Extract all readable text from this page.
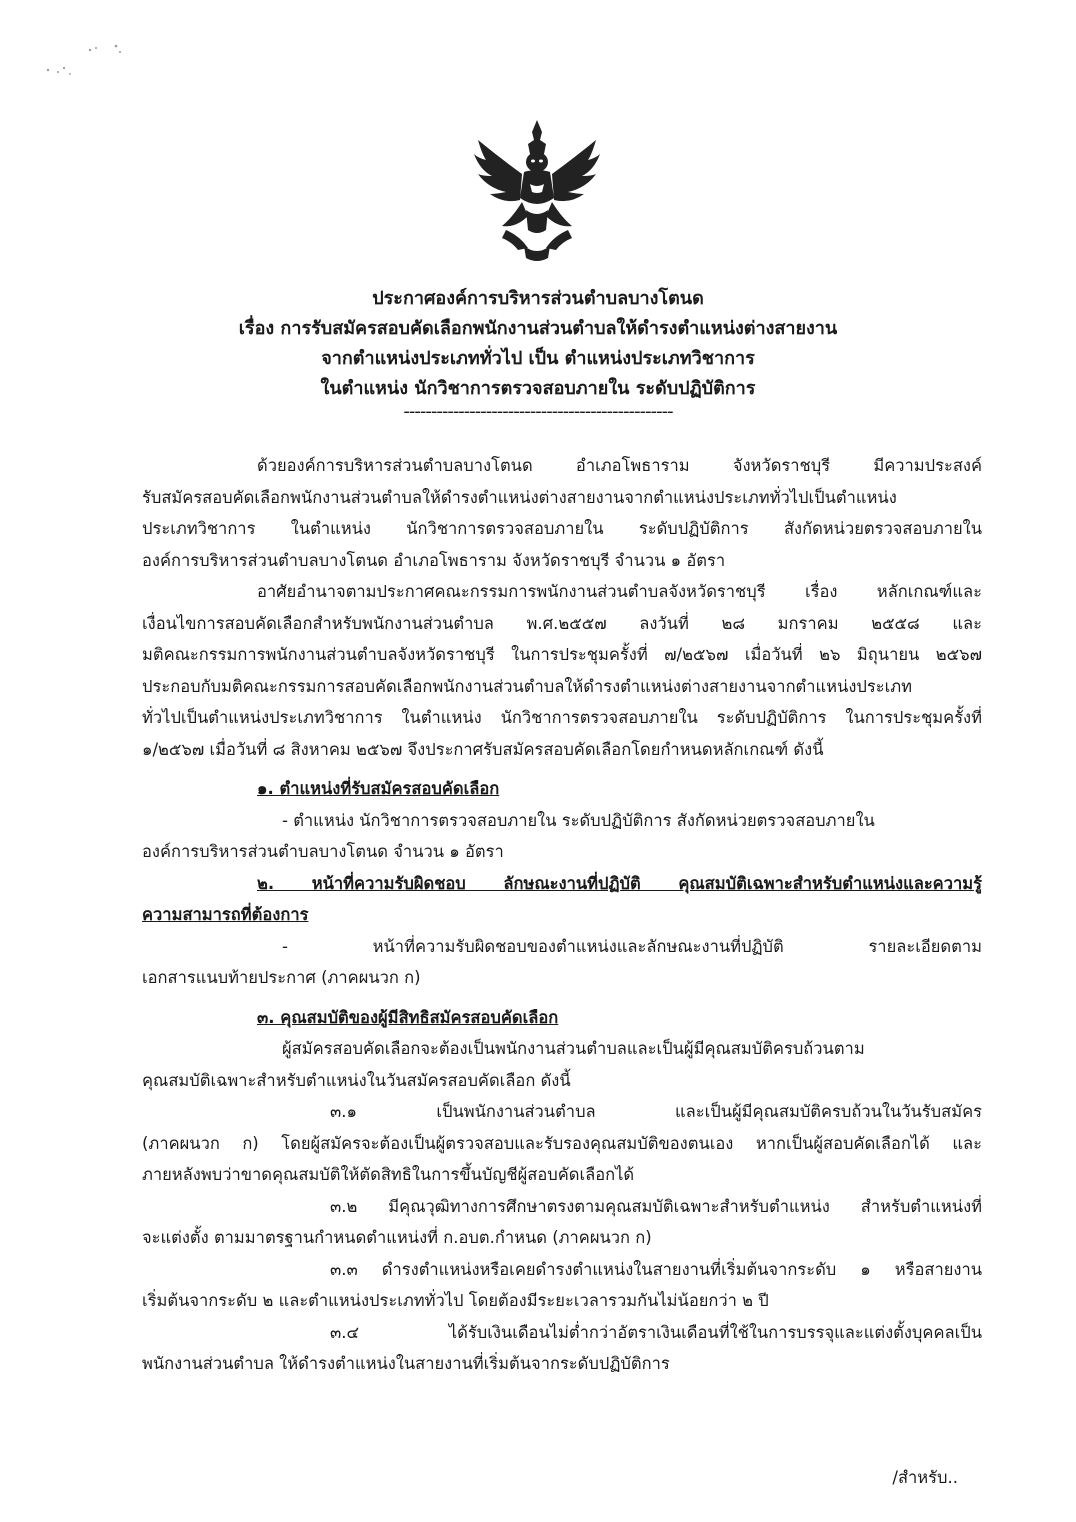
ประกาศองค์การบริหารส่วนตำบลบางโตนด
เรื่อง การรับสมัครสอบคัดเลือกพนักงานส่วนตำบลให้ดำรงตำแหน่งต่างสายงาน
จากตำแหน่งประเภททั่วไป เป็น ตำแหน่งประเภทวิชาการ
ในตำแหน่ง นักวิชาการตรวจสอบภายใน ระดับปฏิบัติการ
-------------------------------------------------
ด้วยองค์การบริหารส่วนตำบลบางโตนด อำเภอโพธาราม จังหวัดราชบุรี มีความประสงค์
รับสมัครสอบคัดเลือกพนักงานส่วนตำบลให้ดำรงตำแหน่งต่างสายงานจากตำแหน่งประเภททั่วไปเป็นตำแหน่ง
ประเภทวิชาการ ในตำแหน่ง นักวิชาการตรวจสอบภายใน ระดับปฏิบัติการ สังกัดหน่วยตรวจสอบภายใน
องค์การบริหารส่วนตำบลบางโตนด อำเภอโพธาราม จังหวัดราชบุรี จำนวน ๑ อัตรา
อาศัยอำนาจตามประกาศคณะกรรมการพนักงานส่วนตำบลจังหวัดราชบุรี เรื่อง หลักเกณฑ์และ
เงื่อนไขการสอบคัดเลือกสำหรับพนักงานส่วนตำบล พ.ศ.๒๕๕๗ ลงวันที่ ๒๘ มกราคม ๒๕๕๘ และ
มติคณะกรรมการพนักงานส่วนตำบลจังหวัดราชบุรี ในการประชุมครั้งที่ ๗/๒๕๖๗ เมื่อวันที่ ๒๖ มิถุนายน ๒๕๖๗
ประกอบกับมติคณะกรรมการสอบคัดเลือกพนักงานส่วนตำบลให้ดำรงตำแหน่งต่างสายงานจากตำแหน่งประเภท
ทั่วไปเป็นตำแหน่งประเภทวิชาการ ในตำแหน่ง นักวิชาการตรวจสอบภายใน ระดับปฏิบัติการ ในการประชุมครั้งที่
๑/๒๕๖๗ เมื่อวันที่ ๘ สิงหาคม ๒๕๖๗ จึงประกาศรับสมัครสอบคัดเลือกโดยกำหนดหลักเกณฑ์ ดังนี้
๑. ตำแหน่งที่รับสมัครสอบคัดเลือก
- ตำแหน่ง นักวิชาการตรวจสอบภายใน ระดับปฏิบัติการ สังกัดหน่วยตรวจสอบภายใน
องค์การบริหารส่วนตำบลบางโตนด จำนวน ๑ อัตรา
๒. หน้าที่ความรับผิดชอบ ลักษณะงานที่ปฏิบัติ คุณสมบัติเฉพาะสำหรับตำแหน่งและความรู้
ความสามารถที่ต้องการ
- หน้าที่ความรับผิดชอบของตำแหน่งและลักษณะงานที่ปฏิบัติ รายละเอียดตาม
เอกสารแนบท้ายประกาศ (ภาคผนวก ก)
๓. คุณสมบัติของผู้มีสิทธิสมัครสอบคัดเลือก
ผู้สมัครสอบคัดเลือกจะต้องเป็นพนักงานส่วนตำบลและเป็นผู้มีคุณสมบัติครบถ้วนตาม
คุณสมบัติเฉพาะสำหรับตำแหน่งในวันสมัครสอบคัดเลือก ดังนี้
๓.๑ เป็นพนักงานส่วนตำบล และเป็นผู้มีคุณสมบัติครบถ้วนในวันรับสมัคร
(ภาคผนวก ก) โดยผู้สมัครจะต้องเป็นผู้ตรวจสอบและรับรองคุณสมบัติของตนเอง หากเป็นผู้สอบคัดเลือกได้ และ
ภายหลังพบว่าขาดคุณสมบัติให้ตัดสิทธิในการขึ้นบัญชีผู้สอบคัดเลือกได้
๓.๒ มีคุณวุฒิทางการศึกษาตรงตามคุณสมบัติเฉพาะสำหรับตำแหน่ง สำหรับตำแหน่งที่
จะแต่งตั้ง ตามมาตรฐานกำหนดตำแหน่งที่ ก.อบต.กำหนด (ภาคผนวก ก)
๓.๓ ดำรงตำแหน่งหรือเคยดำรงตำแหน่งในสายงานที่เริ่มต้นจากระดับ ๑ หรือสายงาน
เริ่มต้นจากระดับ ๒ และตำแหน่งประเภททั่วไป โดยต้องมีระยะเวลารวมกันไม่น้อยกว่า ๒ ปี
๓.๔ ได้รับเงินเดือนไม่ต่ำกว่าอัตราเงินเดือนที่ใช้ในการบรรจุและแต่งตั้งบุคคลเป็น
พนักงานส่วนตำบล ให้ดำรงตำแหน่งในสายงานที่เริ่มต้นจากระดับปฏิบัติการ
/สำหรับ..
